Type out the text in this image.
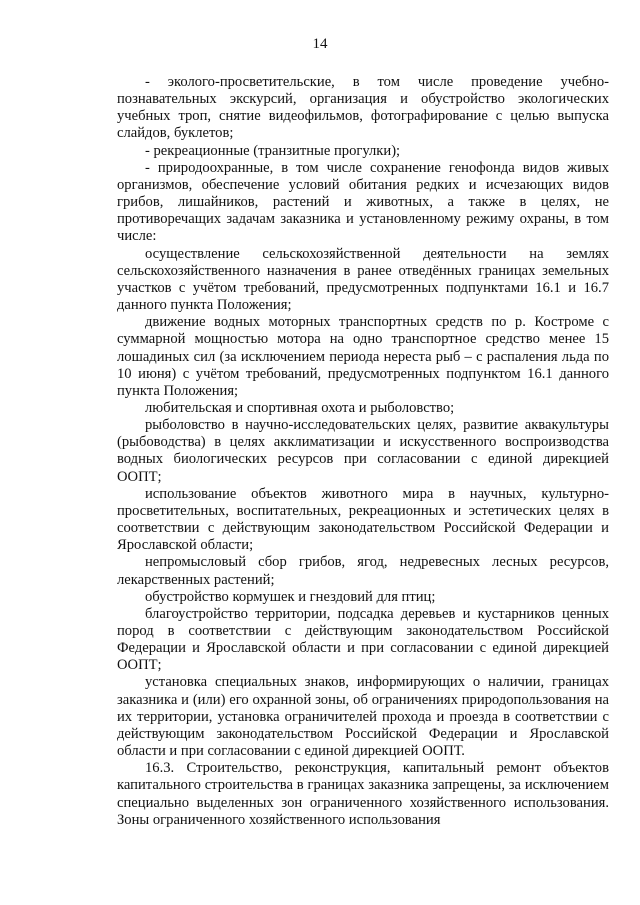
14

- эколого-просветительские, в том числе проведение учебно-познавательных экскурсий, организация и обустройство экологических учебных троп, снятие видеофильмов, фотографирование с целью выпуска слайдов, буклетов;

- рекреационные (транзитные прогулки);

- природоохранные, в том числе сохранение генофонда видов живых организмов, обеспечение условий обитания редких и исчезающих видов грибов, лишайников, растений и животных, а также в целях, не противоречащих задачам заказника и установленному режиму охраны, в том числе:

осуществление сельскохозяйственной деятельности на землях сельскохозяйственного назначения в ранее отведённых границах земельных участков с учётом требований, предусмотренных подпунктами 16.1 и 16.7 данного пункта Положения;

движение водных моторных транспортных средств по р. Костроме с суммарной мощностью мотора на одно транспортное средство менее 15 лошадиных сил (за исключением периода нереста рыб – с распаления льда по 10 июня) с учётом требований, предусмотренных подпунктом 16.1 данного пункта Положения;

любительская и спортивная охота и рыболовство;

рыболовство в научно-исследовательских целях, развитие аквакультуры (рыбоводства) в целях акклиматизации и искусственного воспроизводства водных биологических ресурсов при согласовании с единой дирекцией ООПТ;

использование объектов животного мира в научных, культурно-просветительных, воспитательных, рекреационных и эстетических целях в соответствии с действующим законодательством Российской Федерации и Ярославской области;

непромысловый сбор грибов, ягод, недревесных лесных ресурсов, лекарственных растений;

обустройство кормушек и гнездовий для птиц;

благоустройство территории, подсадка деревьев и кустарников ценных пород в соответствии с действующим законодательством Российской Федерации и Ярославской области и при согласовании с единой дирекцией ООПТ;

установка специальных знаков, информирующих о наличии, границах заказника и (или) его охранной зоны, об ограничениях природопользования на их территории, установка ограничителей прохода и проезда в соответствии с действующим законодательством Российской Федерации и Ярославской области и при согласовании с единой дирекцией ООПТ.

16.3. Строительство, реконструкция, капитальный ремонт объектов капитального строительства в границах заказника запрещены, за исключением специально выделенных зон ограниченного хозяйственного использования. Зоны ограниченного хозяйственного использования
